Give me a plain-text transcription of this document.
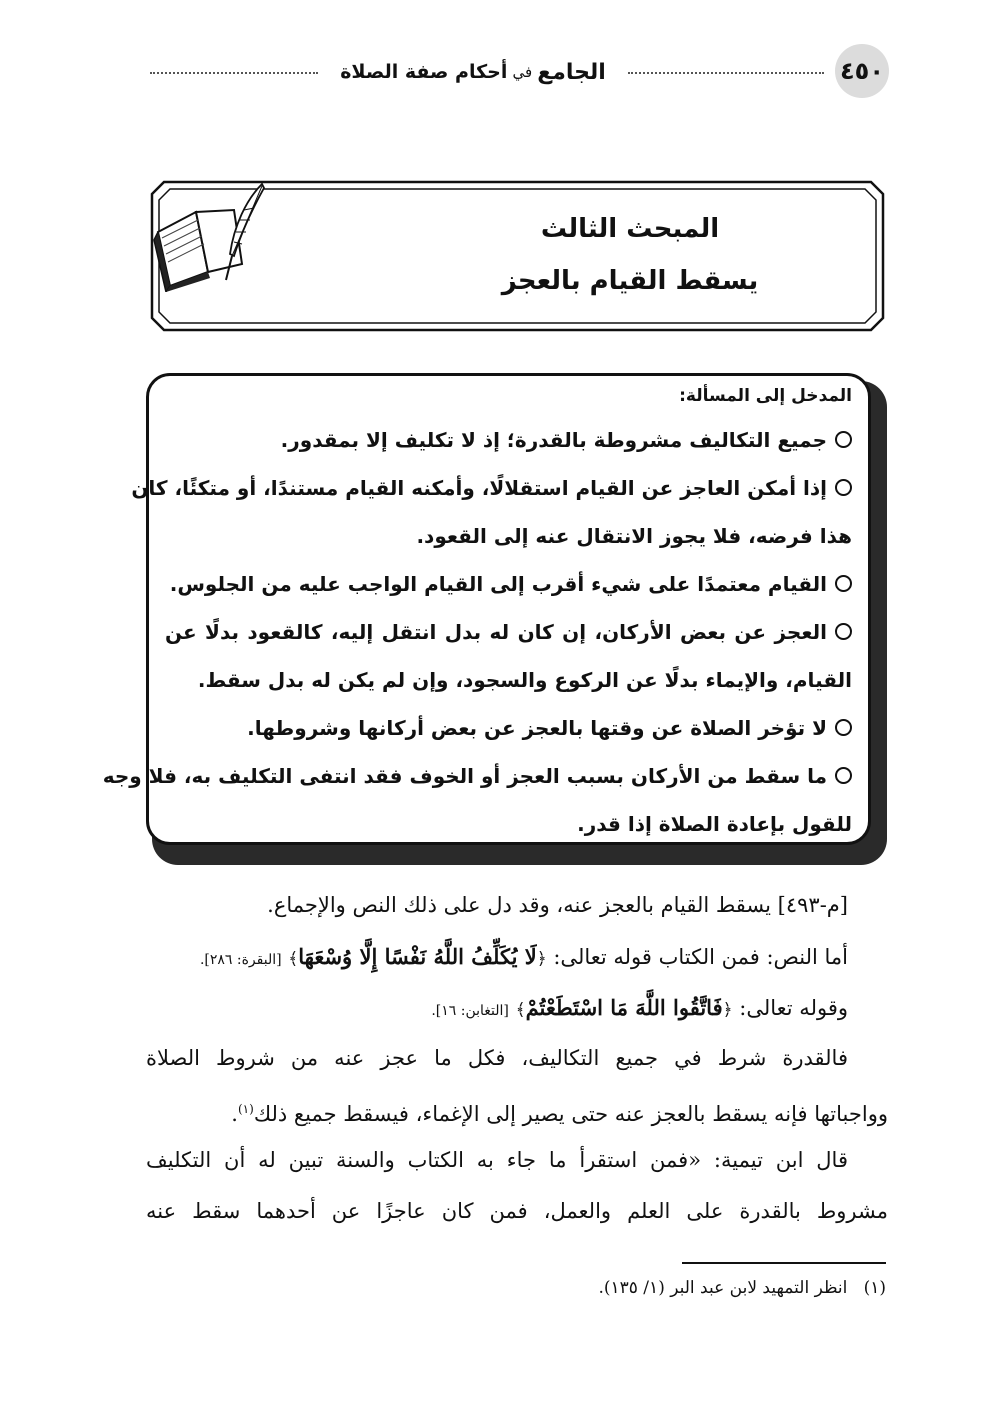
٤٥٠
الجامع

في

أحكام صفة الصلاة
المبحث الثالث
يسقط القيام بالعجز
المدخل إلى المسألة:
جميع التكاليف مشروطة بالقدرة؛ إذ لا تكليف إلا بمقدور.
إذا أمكن العاجز عن القيام استقلالًا، وأمكنه القيام مستندًا، أو متكئًا، كان
هذا فرضه، فلا يجوز الانتقال عنه إلى القعود.
القيام معتمدًا على شيء أقرب إلى القيام الواجب عليه من الجلوس.
العجز عن بعض الأركان، إن كان له بدل انتقل إليه، كالقعود بدلًا عن
القيام، والإيماء بدلًا عن الركوع والسجود، وإن لم يكن له بدل سقط.
لا تؤخر الصلاة عن وقتها بالعجز عن بعض أركانها وشروطها.
ما سقط من الأركان بسبب العجز أو الخوف فقد انتفى التكليف به، فلا وجه
للقول بإعادة الصلاة إذا قدر.
[م-٤٩٣] يسقط القيام بالعجز عنه، وقد دل على ذلك النص والإجماع.
أما النص: فمن الكتاب قوله تعالى: ﴿لَا يُكَلِّفُ اللَّهُ نَفْسًا إِلَّا وُسْعَهَا﴾ [البقرة: ٢٨٦].
وقوله تعالى: ﴿فَاتَّقُوا اللَّهَ مَا اسْتَطَعْتُمْ﴾ [التغابن: ١٦].
فالقدرة شرط في جميع التكاليف، فكل ما عجز عنه من شروط الصلاة
وواجباتها فإنه يسقط بالعجز عنه حتى يصير إلى الإغماء، فيسقط جميع ذلك$^{(١)}$.
قال ابن تيمية: «فمن استقرأ ما جاء به الكتاب والسنة تبين له أن التكليف
مشروط بالقدرة على العلم والعمل، فمن كان عاجزًا عن أحدهما سقط عنه
(١)   انظر التمهيد لابن عبد البر (١/ ١٣٥).
